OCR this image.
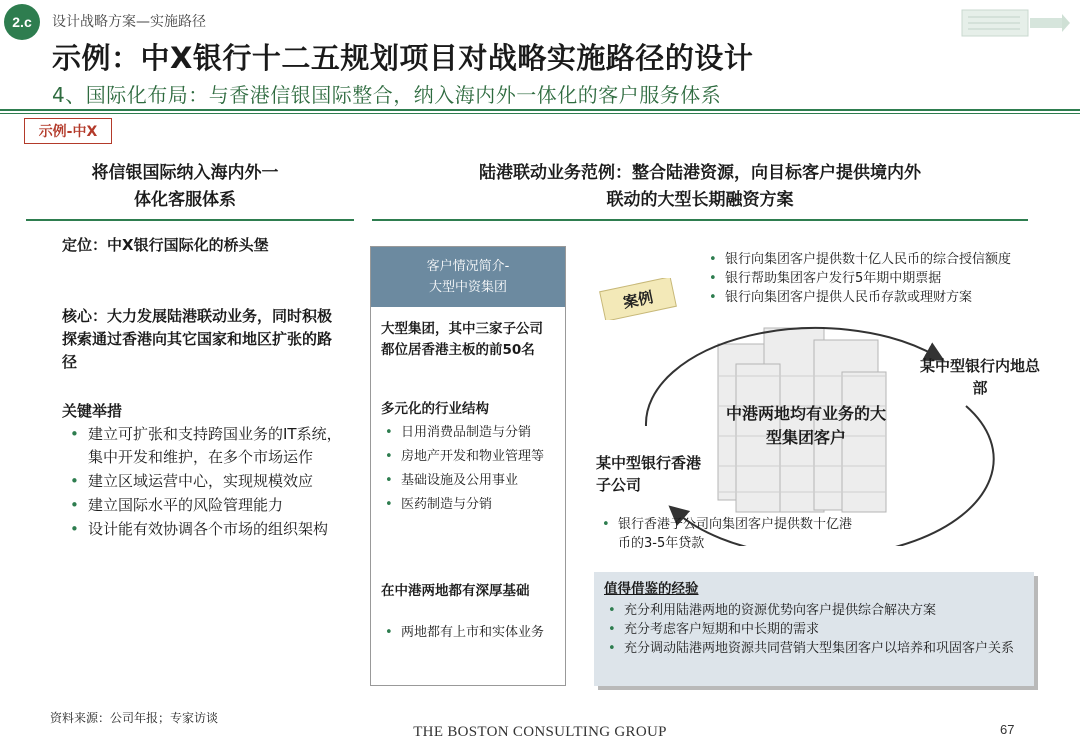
2.c	设计战略方案—实施路径
示例：中X银行十二五规划项目对战略实施路径的设计
4、国际化布局：与香港信银国际整合，纳入海内外一体化的客户服务体系
示例-中X
将信银国际纳入海内外一
体化客服体系
定位：中X银行国际化的桥头堡
核心：大力发展陆港联动业务，同时积极探索通过香港向其它国家和地区扩张的路径
关键举措
• 建立可扩张和支持跨国业务的IT系统，集中开发和维护，在多个市场运作
• 建立区域运营中心，实现规模效应
• 建立国际水平的风险管理能力
• 设计能有效协调各个市场的组织架构
陆港联动业务范例：整合陆港资源，向目标客户提供境内外
联动的大型长期融资方案
客户情况简介-
大型中资集团
大型集团，其中三家子公司都位居香港主板的前50名
多元化的行业结构
• 日用消费品制造与分销
• 房地产开发和物业管理等
• 基础设施及公用事业
• 医药制造与分销
在中港两地都有深厚基础
• 两地都有上市和实体业务
案例
• 银行向集团客户提供数十亿人民币的综合授信额度
• 银行帮助集团客户发行5年期中期票据
• 银行向集团客户提供人民币存款或理财方案
中港两地均有业务的大型集团客户
某中型银行香港子公司
某中型银行内地总部
• 银行香港子公司向集团客户提供数十亿港币的3-5年贷款
值得借鉴的经验
• 充分利用陆港两地的资源优势向客户提供综合解决方案
• 充分考虑客户短期和中长期的需求
• 充分调动陆港两地资源共同营销大型集团客户以培养和巩固客户关系
资料来源：公司年报；专家访谈
THE BOSTON CONSULTING GROUP	67
